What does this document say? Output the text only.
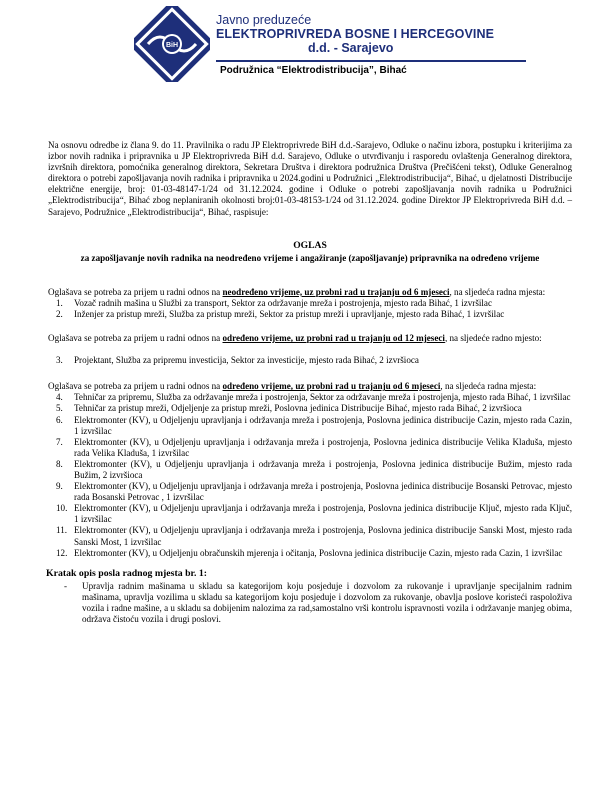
BiH
Javno preduzeće
ELEKTROPRIVREDA BOSNE I HERCEGOVINE
d.d. - Sarajevo
Podružnica “Elektrodistribucija”, Bihać

Na osnovu odredbe iz člana 9. do 11. Pravilnika o radu JP Elektroprivrede BiH d.d.-Sarajevo, Odluke o načinu izbora, postupku i kriterijima za izbor novih radnika i pripravnika u JP Elektroprivreda BiH d.d. Sarajevo, Odluke o utvrđivanju i rasporedu ovlaštenja Generalnog direktora, izvršnih direktora, pomoćnika generalnog direktora, Sekretara Društva i direktora podružnica Društva (Prečišćeni tekst), Odluke Generalnog direktora o potrebi zapošljavanja novih radnika i pripravnika u 2024.godini u Podružnici „Elektrodistribucija“, Bihać, u djelatnosti Distribucije električne energije, broj: 01-03-48147-1/24 od 31.12.2024. godine i Odluke o potrebi zapošljavanja novih radnika u Podružnici „Elektrodistribucija“, Bihać zbog neplaniranih okolnosti broj:01-03-48153-1/24 od 31.12.2024. godine Direktor JP Elektroprivreda BiH d.d. – Sarajevo, Podružnice „Elektrodistribucija“, Bihać, raspisuje:

OGLAS
za zapošljavanje novih radnika na neodređeno vrijeme i angažiranje (zapošljavanje) pripravnika na određeno vrijeme

Oglašava se potreba za prijem u radni odnos na neodređeno vrijeme, uz probni rad u trajanju od 6 mjeseci, na sljedeća radna mjesta:

1. Vozač radnih mašina u Službi za transport, Sektor za održavanje mreža i postrojenja, mjesto rada Bihać, 1 izvršilac
2. Inženjer za pristup mreži, Služba za pristup mreži, Sektor za pristup mreži i upravljanje, mjesto rada Bihać, 1 izvršilac

Oglašava se potreba za prijem u radni odnos na određeno vrijeme, uz probni rad u trajanju od 12 mjeseci, na sljedeće radno mjesto:

3. Projektant, Služba za pripremu investicija, Sektor za investicije, mjesto rada Bihać, 2 izvršioca

Oglašava se potreba za prijem u radni odnos na određeno vrijeme, uz probni rad u trajanju od 6 mjeseci, na sljedeća radna mjesta:

4. Tehničar za pripremu, Služba za održavanje mreža i postrojenja, Sektor za održavanje mreža i postrojenja, mjesto rada Bihać, 1 izvršilac
5. Tehničar za pristup mreži, Odjeljenje za pristup mreži, Poslovna jedinica Distribucije Bihać, mjesto rada Bihać, 2 izvršioca
6. Elektromonter (KV), u Odjeljenju upravljanja i održavanja mreža i postrojenja, Poslovna jedinica distribucije Cazin, mjesto rada Cazin, 1 izvršilac
7. Elektromonter (KV), u Odjeljenju upravljanja i održavanja mreža i postrojenja, Poslovna jedinica distribucije Velika Kladuša, mjesto rada Velika Kladuša, 1 izvršilac
8. Elektromonter (KV), u Odjeljenju upravljanja i održavanja mreža i postrojenja, Poslovna jedinica distribucije Bužim, mjesto rada Bužim, 2 izvršioca
9. Elektromonter (KV), u Odjeljenju upravljanja i održavanja mreža i postrojenja, Poslovna jedinica distribucije Bosanski Petrovac, mjesto rada Bosanski Petrovac , 1 izvršilac
10. Elektromonter (KV), u Odjeljenju upravljanja i održavanja mreža i postrojenja, Poslovna jedinica distribucije Ključ, mjesto rada Ključ, 1 izvršilac
11. Elektromonter (KV), u Odjeljenju upravljanja i održavanja mreža i postrojenja, Poslovna jedinica distribucije Sanski Most, mjesto rada Sanski Most, 1 izvršilac
12. Elektromonter (KV), u Odjeljenju obračunskih mjerenja i očitanja, Poslovna jedinica distribucije Cazin, mjesto rada Cazin, 1 izvršilac
Kratak opis posla radnog mjesta br. 1:
- Upravlja radnim mašinama u skladu sa kategorijom koju posjeduje i dozvolom za rukovanje i upravljanje specijalnim radnim mašinama, upravlja vozilima u skladu sa kategorijom koju posjeduje i dozvolom za rukovanje, obavlja poslove koristeći raspoloživa vozila i radne mašine, a u skladu sa dobijenim nalozima za rad,samostalno vrši kontrolu ispravnosti vozila i održavanje manjeg obima, održava čistoću vozila i drugi poslovi.
